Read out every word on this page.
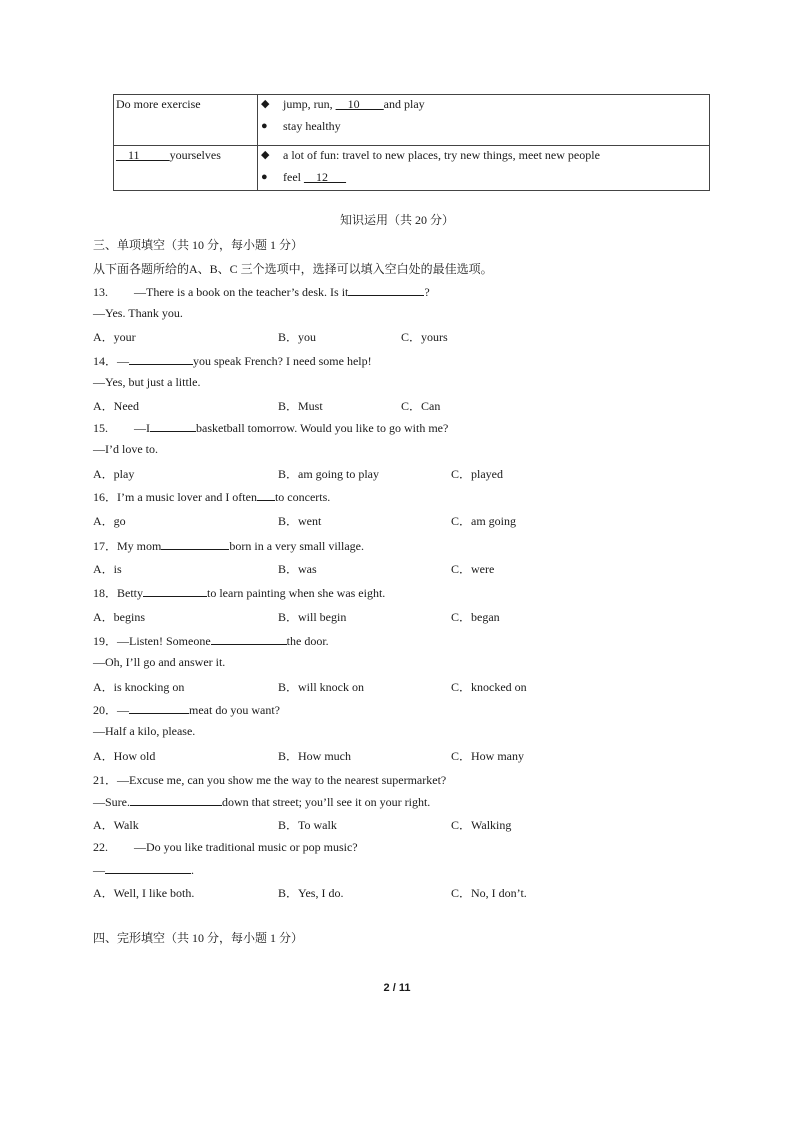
Do more exercise	◆ jump, run, __10____and play
● stay healthy

__11_____yourselves	◆ a lot of fun: travel to new places, try new things, meet new people
● feel __12___
知识运用（共 20 分）
三、单项填空（共 10 分，每小题 1 分）
从下面各题所给的A、B、C 三个选项中，选择可以填入空白处的最佳选项。
13. —There is a book on the teacher’s desk. Is it	?
—Yes. Thank you.
A．your	B．you	C．yours
14．—	you speak French? I need some help!
—Yes, but just a little.
A．Need	B．Must	C．Can
15. —I	basketball tomorrow. Would you like to go with me?
—I’d love to.
A．play	B．am going to play	C．played
16．I’m a music lover and I often to concerts.
A．go	B．went	C．am going
17．My mom	born in a very small village.
A．is	B．was	C．were
18．Betty	to learn painting when she was eight.
A．begins	B．will begin	C．began
19．—Listen! Someone	the door.
—Oh, I’ll go and answer it.
A．is knocking on	B．will knock on	C．knocked on
20．—	meat do you want?
—Half a kilo, please.
A．How old	B．How much	C．How many
21．—Excuse me, can you show me the way to the nearest supermarket?
—Sure.	down that street; you’ll see it on your right.
A．Walk	B．To walk	C．Walking
22. —Do you like traditional music or pop music?
—	.
A．Well, I like both.	B．Yes, I do.	C．No, I don’t.
四、完形填空（共 10 分，每小题 1 分）
2 / 11
